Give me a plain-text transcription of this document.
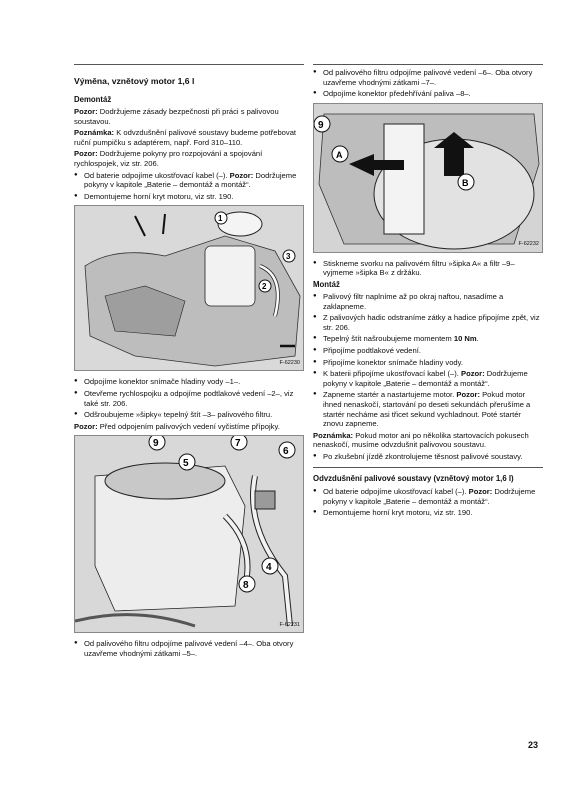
Výměna, vznětový motor 1,6 l
Demontáž

Pozor: Dodržujeme zásady bezpečnosti při práci s palivovou soustavou.

Poznámka: K odvzdušnění palivové soustavy budeme potřebovat ruční pumpičku s adaptérem, např. Ford 310–110.

Pozor: Dodržujeme pokyny pro rozpojování a spojování rychlospojek, viz str. 206.

● Od baterie odpojíme ukostřovací kabel (–). Pozor: Dodržujeme pokyny v kapitole „Baterie – demontáž a montáž“.
● Demontujeme horní kryt motoru, viz str. 190.
1
2
3
F-62230
● Odpojíme konektor snímače hladiny vody –1–.
● Otevřeme rychlospojku a odpojíme podtlakové vedení –2–, viz také str. 206.
● Odšroubujeme »šipky« tepelný štít –3– palivového filtru.

Pozor: Před odpojením palivových vedení vyčistíme přípojky.

9
5
7
6
4
8
F-62231
● Od palivového filtru odpojíme palivové vedení –4–. Oba otvory uzavřeme vhodnými zátkami –5–.
● Od palivového filtru odpojíme palivové vedení –6–. Oba otvory uzavřeme vhodnými zátkami –7–.
● Odpojíme konektor předehřívání paliva –8–.
9
A
B
F-62232
● Stiskneme svorku na palivovém filtru »šipka A« a filtr –9– vyjmeme »šipka B« z držáku.
Montáž
● Palivový filtr naplníme až po okraj naftou, nasadíme a zaklapneme.
● Z palivových hadic odstraníme zátky a hadice připojíme zpět, viz str. 206.
● Tepelný štít našroubujeme momentem 10 Nm.
● Připojíme podtlakové vedení.
● Připojíme konektor snímače hladiny vody.
● K baterii připojíme ukostřovací kabel (–). Pozor: Dodržujeme pokyny v kapitole „Baterie – demontáž a montáž“.
● Zapneme startér a nastartujeme motor. Pozor: Pokud motor ihned nenaskočí, startování po deseti sekundách přerušíme a startér necháme asi třicet sekund vychladnout. Poté startér znovu zapneme.

Poznámka: Pokud motor ani po několika startovacích pokusech nenaskočí, musíme odvzdušnit palivovou soustavu.

● Po zkušební jízdě zkontrolujeme těsnost palivové soustavy.
Odvzdušnění palivové soustavy (vznětový motor 1,6 l)
● Od baterie odpojíme ukostřovací kabel (–). Pozor: Dodržujeme pokyny v kapitole „Baterie – demontáž a montáž“.
● Demontujeme horní kryt motoru, viz str. 190.
23
